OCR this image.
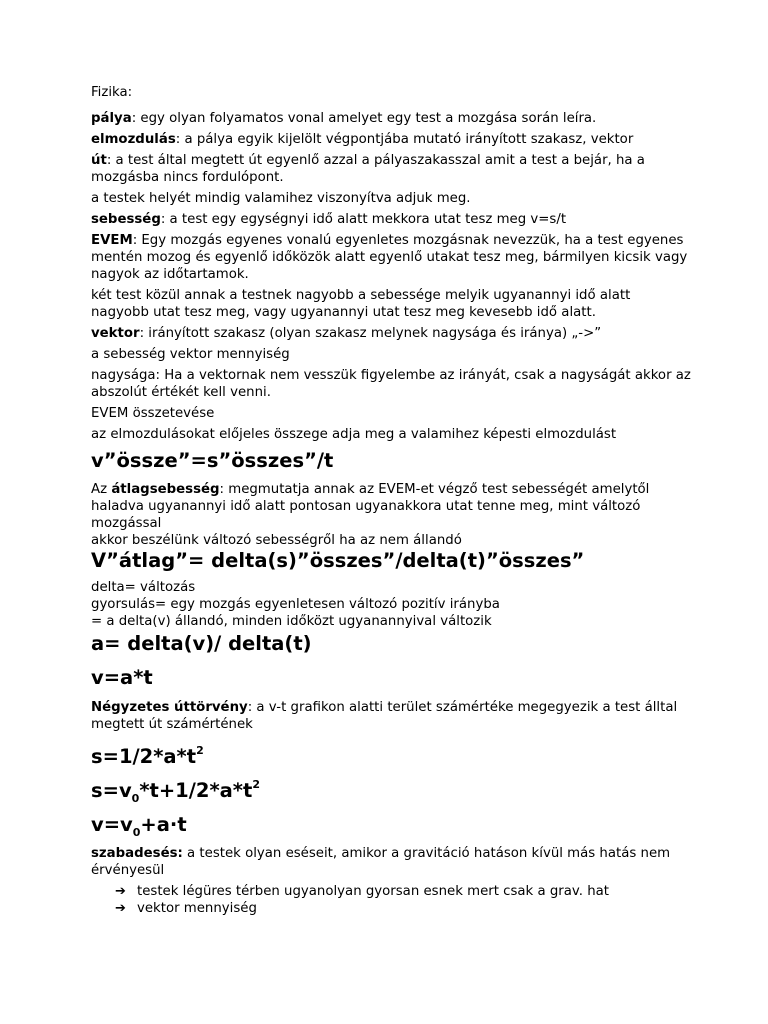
Fizika:

pálya: egy olyan folyamatos vonal amelyet egy test a mozgása során leíra.

elmozdulás: a pálya egyik kijelölt végpontjába mutató irányított szakasz, vektor

út: a test által megtett út egyenlő azzal a pályaszakasszal amit a test a bejár, ha a mozgásba nincs fordulópont.

a testek helyét mindig valamihez viszonyítva adjuk meg.

sebesség: a test egy egységnyi idő alatt mekkora utat tesz meg v=s/t

EVEM: Egy mozgás egyenes vonalú egyenletes mozgásnak nevezzük, ha a test egyenes mentén mozog és egyenlő időközök alatt egyenlő utakat tesz meg, bármilyen kicsik vagy nagyok az időtartamok.

két test közül annak a testnek nagyobb a sebessége melyik ugyanannyi idő alatt nagyobb utat tesz meg, vagy ugyanannyi utat tesz meg kevesebb idő alatt.

vektor: irányított szakasz (olyan szakasz melynek nagysága és iránya) „->”

a sebesség vektor mennyiség

nagysága: Ha a vektornak nem vesszük figyelembe az irányát, csak a nagyságát akkor az abszolút értékét kell venni.

EVEM összetevése

az elmozdulásokat előjeles összege adja meg a valamihez képesti elmozdulást

v”össze”=s”összes”/t

Az átlagsebesség: megmutatja annak az EVEM-et végző test sebességét amelytől haladva ugyanannyi idő alatt pontosan ugyanakkora utat tenne meg, mint változó mozgással

akkor beszélünk változó sebességről ha az nem állandó

V”átlag”= delta(s)”összes”/delta(t)”összes”

delta= változás

gyorsulás= egy mozgás egyenletesen változó pozitív irányba

= a delta(v) állandó, minden időközt ugyanannyival változik

a= delta(v)/ delta(t)

v=a*t

Négyzetes úttörvény: a v-t grafikon alatti terület számértéke megegyezik a test álltal megtett út számértének

$s=1/2*a*t^2$

$s=v_0*t+1/2*a*t^2$

$v=v_0+a\cdot t$

szabadesés: a testek olyan eséseit, amikor a gravitáció hatáson kívül más hatás nem érvényesül

➔ testek légüres térben ugyanolyan gyorsan esnek mert csak a grav. hat
➔ vektor mennyiség
